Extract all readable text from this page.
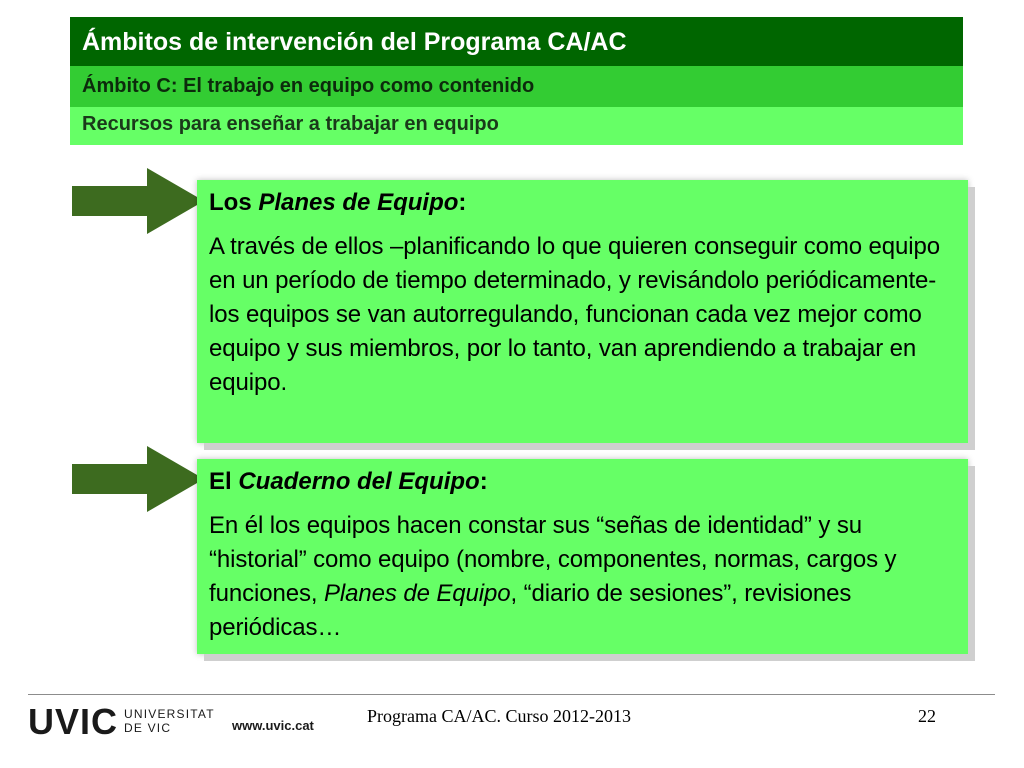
Ámbitos de intervención del Programa CA/AC
Recursos para enseñar a trabajar en equipo
Ámbito C: El trabajo en equipo como contenido
Los Planes de Equipo:
A través de ellos –planificando lo que quieren conseguir como equipo en un período de tiempo determinado, y revisándolo periódicamente- los equipos se van autorregulando, funcionan cada vez mejor como equipo y sus miembros, por lo tanto, van aprendiendo a trabajar en equipo.
El Cuaderno del Equipo:
En él los equipos hacen constar sus “señas de identidad” y su “historial” como equipo (nombre, componentes, normas, cargos y funciones, Planes de Equipo, “diario de sesiones”, revisiones periódicas…
UVIC UNIVERSITAT
DE VIC	www.uvic.cat	Programa CA/AC. Curso 2012-2013	22
